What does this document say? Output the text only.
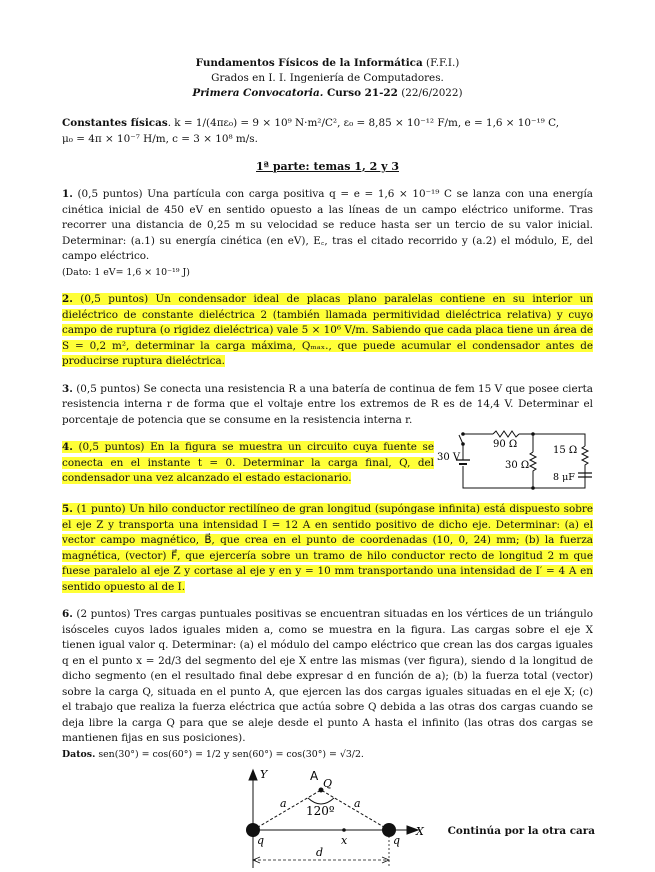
Fundamentos Físicos de la Informática (F.F.I.)
Grados en I. I. Ingeniería de Computadores.
Primera Convocatoria. Curso 21-22 (22/6/2022)
Constantes físicas. k = 1/(4πε₀) = 9 × 10⁹ N·m²/C², ε₀ = 8,85 × 10⁻¹² F/m, e = 1,6 × 10⁻¹⁹ C,
μ₀ = 4π × 10⁻⁷ H/m, c = 3 × 10⁸ m/s.
1ª parte: temas 1, 2 y 3

1. (0,5 puntos) Una partícula con carga positiva q = e = 1,6 × 10⁻¹⁹ C se lanza con una energía cinética inicial de 450 eV en sentido opuesto a las líneas de un campo eléctrico uniforme. Tras recorrer una distancia de 0,25 m su velocidad se reduce hasta ser un tercio de su valor inicial. Determinar: (a.1) su energía cinética (en eV), E꜀, tras el citado recorrido y (a.2) el módulo, E, del campo eléctrico.
(Dato: 1 eV= 1,6 × 10⁻¹⁹ J)

2. (0,5 puntos) Un condensador ideal de placas plano paralelas contiene en su interior un dieléctrico de constante dieléctrica 2 (también llamada permitividad dieléctrica relativa) y cuyo campo de ruptura (o rigidez dieléctrica) vale 5 × 10⁶ V/m. Sabiendo que cada placa tiene un área de S = 0,2 m², determinar la carga máxima, Qₘₐₓ., que puede acumular el condensador antes de producirse ruptura dieléctrica.

3. (0,5 puntos) Se conecta una resistencia R a una batería de continua de fem 15 V que posee cierta resistencia interna r de forma que el voltaje entre los extremos de R es de 14,4 V. Determinar el porcentaje de potencia que se consume en la resistencia interna r.

4. (0,5 puntos) En la figura se muestra un circuito cuya fuente se conecta en el instante t = 0. Determinar la carga final, Q, del condensador una vez alcanzado el estado estacionario.
30 V
90 Ω
30 Ω
15 Ω
8 μF

5. (1 punto) Un hilo conductor rectilíneo de gran longitud (supóngase infinita) está dispuesto sobre el eje Z y transporta una intensidad I = 12 A en sentido positivo de dicho eje. Determinar: (a) el vector campo magnético, B⃗, que crea en el punto de coordenadas (10, 0, 24) mm; (b) la fuerza magnética, (vector) F⃗, que ejercería sobre un tramo de hilo conductor recto de longitud 2 m que fuese paralelo al eje Z y cortase al eje y en y = 10 mm transportando una intensidad de I′ = 4 A en sentido opuesto al de I.

6. (2 puntos) Tres cargas puntuales positivas se encuentran situadas en los vértices de un triángulo isósceles cuyos lados iguales miden a, como se muestra en la figura. Las cargas sobre el eje X tienen igual valor q. Determinar: (a) el módulo del campo eléctrico que crean las dos cargas iguales q en el punto x = 2d/3 del segmento del eje X entre las mismas (ver figura), siendo d la longitud de dicho segmento (en el resultado final debe expresar d en función de a); (b) la fuerza total (vector) sobre la carga Q, situada en el punto A, que ejercen las dos cargas iguales situadas en el eje X; (c) el trabajo que realiza la fuerza eléctrica que actúa sobre Q debida a las otras dos cargas cuando se deja libre la carga Q para que se aleje desde el punto A hasta el infinito (las otras dos cargas se mantienen fijas en sus posiciones).
Datos. sen(30°) = cos(60°) = 1/2 y sen(60°) = cos(30°) = √3/2.

Y
X
Q
a	a
q	q
x
d
A
120º
Continúa por la otra cara
